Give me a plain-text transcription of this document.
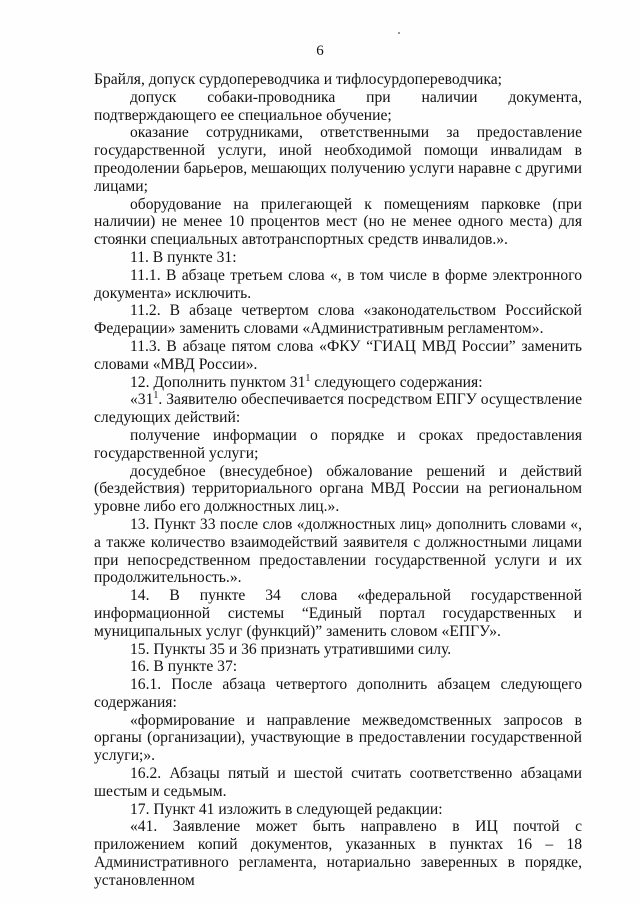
6

Брайля, допуск сурдопереводчика и тифлосурдопереводчика;

допуск собаки-проводника при наличии документа, подтверждающего ее специальное обучение;

оказание сотрудниками, ответственными за предоставление государственной услуги, иной необходимой помощи инвалидам в преодолении барьеров, мешающих получению услуги наравне с другими лицами;

оборудование на прилегающей к помещениям парковке (при наличии) не менее 10 процентов мест (но не менее одного места) для стоянки специальных автотранспортных средств инвалидов.».

11. В пункте 31:

11.1. В абзаце третьем слова «, в том числе в форме электронного документа» исключить.

11.2. В абзаце четвертом слова «законодательством Российской Федерации» заменить словами «Административным регламентом».

11.3. В абзаце пятом слова «ФКУ “ГИАЦ МВД России” заменить словами «МВД России».

12. Дополнить пунктом $31^1$ следующего содержания:

«$31^1$. Заявителю обеспечивается посредством ЕПГУ осуществление следующих действий:

получение информации о порядке и сроках предоставления государственной услуги;

досудебное (внесудебное) обжалование решений и действий (бездействия) территориального органа МВД России на региональном уровне либо его должностных лиц.».

13. Пункт 33 после слов «должностных лиц» дополнить словами «, а также количество взаимодействий заявителя с должностными лицами при непосредственном предоставлении государственной услуги и их продолжительность.».

14. В пункте 34 слова «федеральной государственной информационной системы “Единый портал государственных и муниципальных услуг (функций)” заменить словом «ЕПГУ».

15. Пункты 35 и 36 признать утратившими силу.

16. В пункте 37:

16.1. После абзаца четвертого дополнить абзацем следующего содержания:

«формирование и направление межведомственных запросов в органы (организации), участвующие в предоставлении государственной услуги;».

16.2. Абзацы пятый и шестой считать соответственно абзацами шестым и седьмым.

17. Пункт 41 изложить в следующей редакции:

«41. Заявление может быть направлено в ИЦ почтой с приложением копий документов, указанных в пунктах 16 – 18 Административного регламента, нотариально заверенных в порядке, установленном
